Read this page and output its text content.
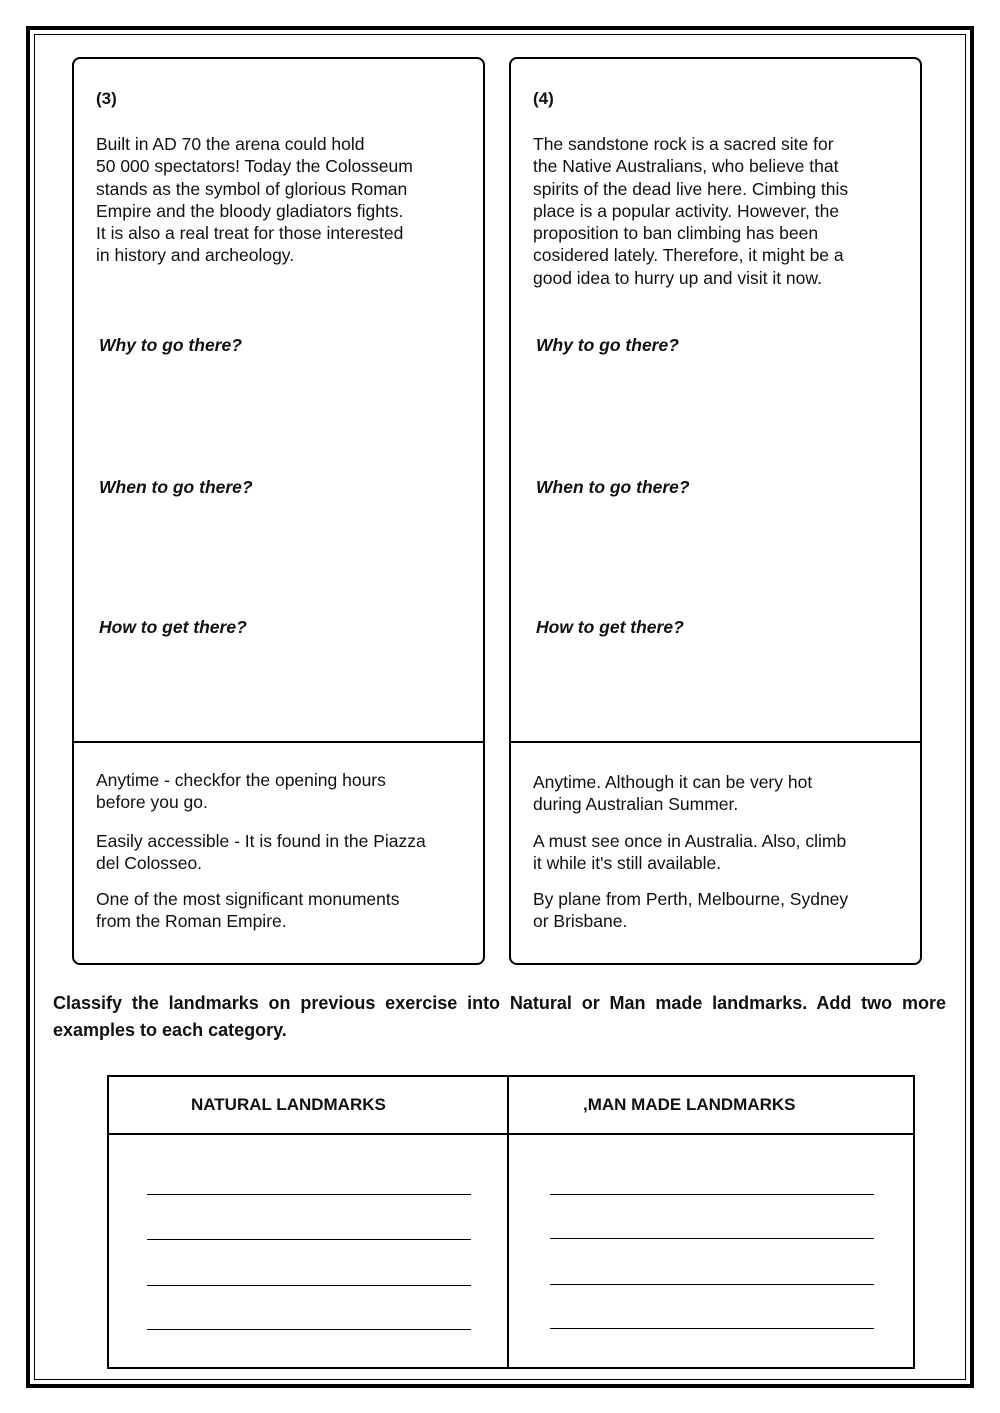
(3)
Built in AD 70 the arena could hold
50 000 spectators! Today the Colosseum
stands as the symbol of glorious Roman
Empire and the bloody gladiators fights.
It is also a real treat for those interested
in history and archeology.
Why to go there?
When to go there?
How to get there?
Anytime - checkfor the opening hours
before you go.
Easily accessible - It is found in the Piazza
del Colosseo.
One of the most significant monuments
from the Roman Empire.
(4)
The sandstone rock is a sacred site for
the Native Australians, who believe that
spirits of the dead live here. Cimbing this
place is a popular activity. However, the
proposition to ban climbing has been
cosidered lately. Therefore, it might be a
good idea to hurry up and visit it now.
Why to go there?
When to go there?
How to get there?
Anytime. Although it can be very hot
during Australian Summer.
A must see once in Australia. Also, climb
it while it's still available.
By plane from Perth, Melbourne, Sydney
or Brisbane.
Classify the landmarks on previous exercise into Natural or Man made landmarks. Add two more examples to each category.
NATURAL LANDMARKS	,MAN MADE LANDMARKS
